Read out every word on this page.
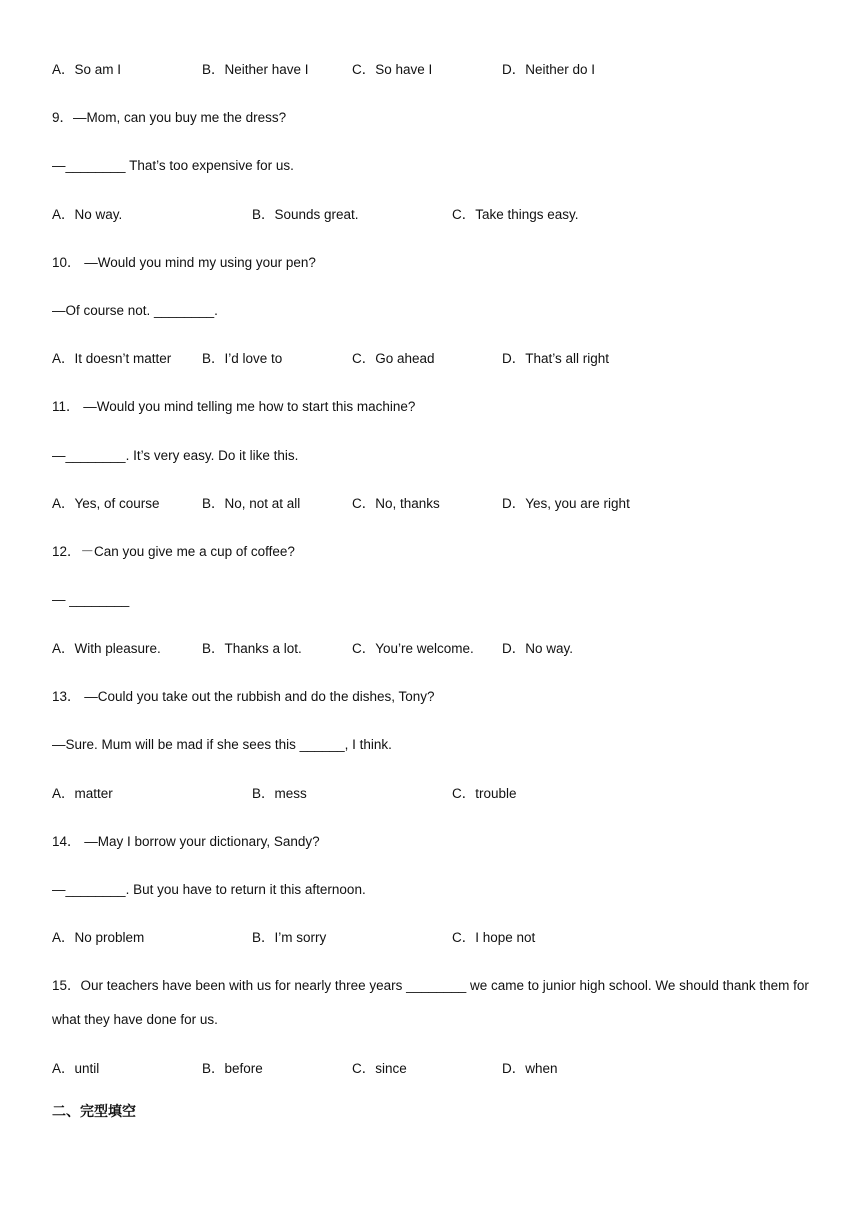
A．So am I	B．Neither have I	C．So have I	D．Neither do I
9．—Mom, can you buy me the dress?
—________ That’s too expensive for us.
A．No way.	B．Sounds great.	C．Take things easy.
10． —Would you mind my using your pen?
—Of course not. ________.
A．It doesn’t matter B．I’d love to	C．Go ahead	D．That’s all right
11． —Would you mind telling me how to start this machine?
—________. It’s very easy. Do it like this.
A．Yes, of course	B．No, not at all	C．No, thanks	D．Yes, you are right
12．－Can you give me a cup of coffee?
— ________
A．With pleasure.	B．Thanks a lot.	C．You’re welcome. D．No way.
13． —Could you take out the rubbish and do the dishes, Tony?
—Sure. Mum will be mad if she sees this ______, I think.
A．matter	B．mess	C．trouble
14． —May I borrow your dictionary, Sandy?
—________. But you have to return it this afternoon.
A．No problem	B．I’m sorry	C．I hope not
15．Our teachers have been with us for nearly three years ________ we came to junior high school. We should thank them for what they have done for us.
A．until	B．before	C．since	D．when
二、完型填空
